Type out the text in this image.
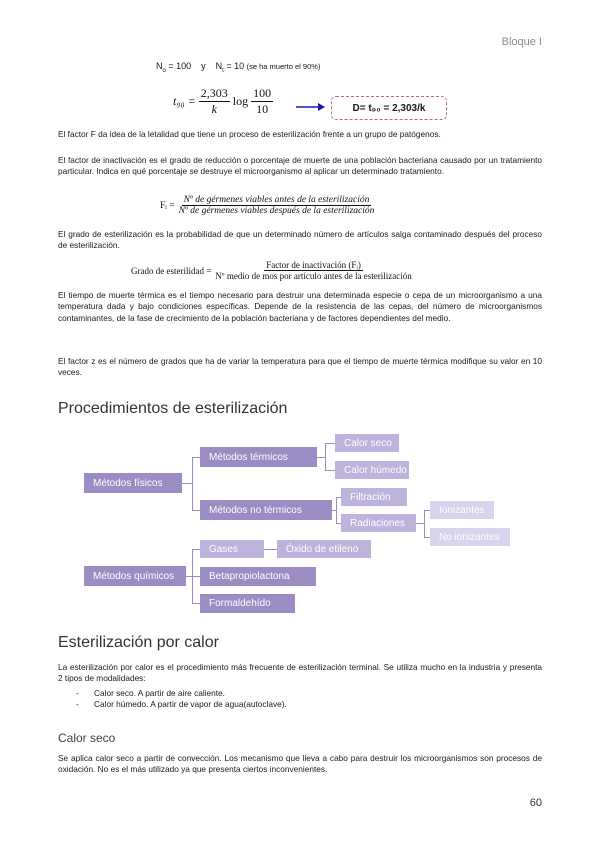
Bloque I
$N_o = 100$ y $N_t = 10$ (se ha muerto el 90%)
$t_{90} = \frac{2,303}{k}$ $\log \frac{100}{10}$	D= t₉₀ = 2,303/k
El factor F da idea de la letalidad que tiene un proceso de esterilización frente a un grupo de patógenos.
El factor de inactivación es el grado de reducción o porcentaje de muerte de una población bacteriana causado por un tratamiento particular. Indica en qué porcentaje se destruye el microorganismo al aplicar un determinado tratamiento.
Fᵢ = $\frac{\text{Nº de gérmenes viables antes de la esterilización}}{\text{Nº de gérmenes viables después de la esterilización}}$
El grado de esterilización es la probabilidad de que un determinado número de artículos salga contaminado después del proceso de esterilización.
Grado de esterilidad = $\frac{\text{Factor de inactivación (Fᵢ)}}{\text{Nº medio de mos por artículo antes de la esterilización}}$
El tiempo de muerte térmica es el tiempo necesario para destruir una determinada especie o cepa de un microorganismo a una temperatura dada y bajo condiciones específicas. Depende de la resistencia de las cepas, del número de microorganismos contaminantes, de la fase de crecimiento de la población bacteriana y de factores dependientes del medio.
El factor z es el número de grados que ha de variar la temperatura para que el tiempo de muerte térmica modifique su valor en 10 veces.
Procedimientos de esterilización
Métodos físicos
Métodos térmicos
Calor seco
Calor húmedo
Métodos no térmicos
Filtración
Radiaciones
Ionizantes
No ionizantes
Métodos químicos
Gases	Óxido de etileno
Betapropiolactona
Formaldehído
Esterilización por calor
La esterilización por calor es el procedimiento más frecuente de esterilización terminal. Se utiliza mucho en la industria y presenta 2 tipos de modalidades:
- Calor seco. A partir de aire caliente.
- Calor húmedo. A partir de vapor de agua(autoclave).
Calor seco
Se aplica calor seco a partir de convección. Los mecanismo que lleva a cabo para destruir los microorganismos son procesos de oxidación. No es el más utilizado ya que presenta ciertos inconvenientes.
60
